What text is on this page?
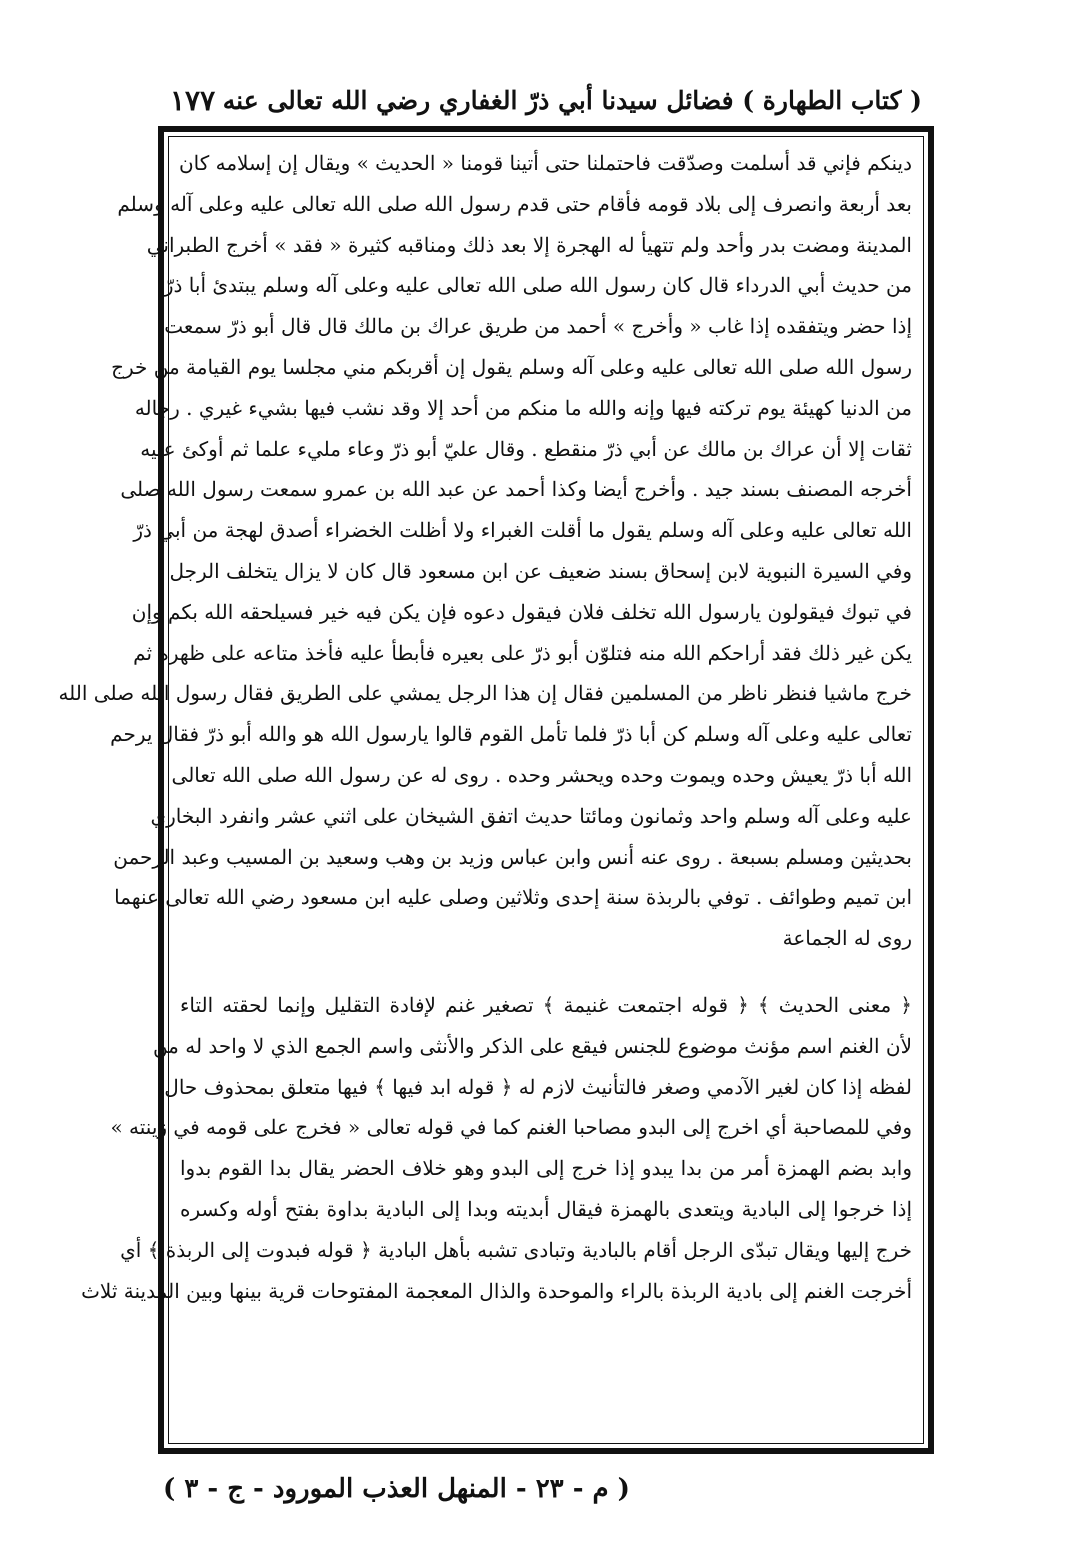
( كتاب الطهارة ) فضائل سيدنا أبي ذرّ الغفاري رضي الله تعالى عنه
١٧٧
دينكم فإني قد أسلمت وصدّقت فاحتملنا حتى أتينا قومنا « الحديث » ويقال إن إسلامه كان
بعد أربعة وانصرف إلى بلاد قومه فأقام حتى قدم رسول الله صلى الله تعالى عليه وعلى آله وسلم
المدينة ومضت بدر وأحد ولم تتهيأ له الهجرة إلا بعد ذلك ومناقبه كثيرة « فقد » أخرج الطبراني
من حديث أبي الدرداء قال كان رسول الله صلى الله تعالى عليه وعلى آله وسلم يبتدئ أبا ذرّ
إذا حضر ويتفقده إذا غاب « وأخرج » أحمد من طريق عراك بن مالك قال قال أبو ذرّ سمعت
رسول الله صلى الله تعالى عليه وعلى آله وسلم يقول إن أقربكم مني مجلسا يوم القيامة من خرج
من الدنيا كهيئة يوم تركته فيها وإنه والله ما منكم من أحد إلا وقد نشب فيها بشيء غيري . رجاله
ثقات إلا أن عراك بن مالك عن أبي ذرّ منقطع . وقال عليّ أبو ذرّ وعاء مليء علما ثم أوكئ عليه
أخرجه المصنف بسند جيد . وأخرج أيضا وكذا أحمد عن عبد الله بن عمرو سمعت رسول الله صلى
الله تعالى عليه وعلى آله وسلم يقول ما أقلت الغبراء ولا أظلت الخضراء أصدق لهجة من أبي ذرّ
وفي السيرة النبوية لابن إسحاق بسند ضعيف عن ابن مسعود قال كان لا يزال يتخلف الرجل
في تبوك فيقولون يارسول الله تخلف فلان فيقول دعوه فإن يكن فيه خير فسيلحقه الله بكم وإن
يكن غير ذلك فقد أراحكم الله منه فتلوّن أبو ذرّ على بعيره فأبطأ عليه فأخذ متاعه على ظهره ثم
خرج ماشيا فنظر ناظر من المسلمين فقال إن هذا الرجل يمشي على الطريق فقال رسول الله صلى الله
تعالى عليه وعلى آله وسلم كن أبا ذرّ فلما تأمل القوم قالوا يارسول الله هو والله أبو ذرّ فقال يرحم
الله أبا ذرّ يعيش وحده ويموت وحده ويحشر وحده . روى له عن رسول الله صلى الله تعالى
عليه وعلى آله وسلم واحد وثمانون ومائتا حديث اتفق الشيخان على اثني عشر وانفرد البخاري
بحديثين ومسلم بسبعة . روى عنه أنس وابن عباس وزيد بن وهب وسعيد بن المسيب وعبد الرحمن
ابن تميم وطوائف . توفي بالربذة سنة إحدى وثلاثين وصلى عليه ابن مسعود رضي الله تعالى عنهما
روى له الجماعة
﴿ معنى الحديث ﴾ ﴿ قوله اجتمعت غنيمة ﴾ تصغير غنم لإفادة التقليل وإنما لحقته التاء
لأن الغنم اسم مؤنث موضوع للجنس فيقع على الذكر والأنثى واسم الجمع الذي لا واحد له من
لفظه إذا كان لغير الآدمي وصغر فالتأنيث لازم له ﴿ قوله ابد فيها ﴾ فيها متعلق بمحذوف حال
وفي للمصاحبة أي اخرج إلى البدو مصاحبا الغنم كما في قوله تعالى « فخرج على قومه في زينته »
وابد بضم الهمزة أمر من بدا يبدو إذا خرج إلى البدو وهو خلاف الحضر يقال بدا القوم بدوا
إذا خرجوا إلى البادية ويتعدى بالهمزة فيقال أبديته وبدا إلى البادية بداوة بفتح أوله وكسره
خرج إليها ويقال تبدّى الرجل أقام بالبادية وتبادى تشبه بأهل البادية ﴿ قوله فبدوت إلى الربذة ﴾ أي
أخرجت الغنم إلى بادية الربذة بالراء والموحدة والذال المعجمة المفتوحات قرية بينها وبين المدينة ثلاث
( م - ٢٣ - المنهل العذب المورود - ج - ٣ )
